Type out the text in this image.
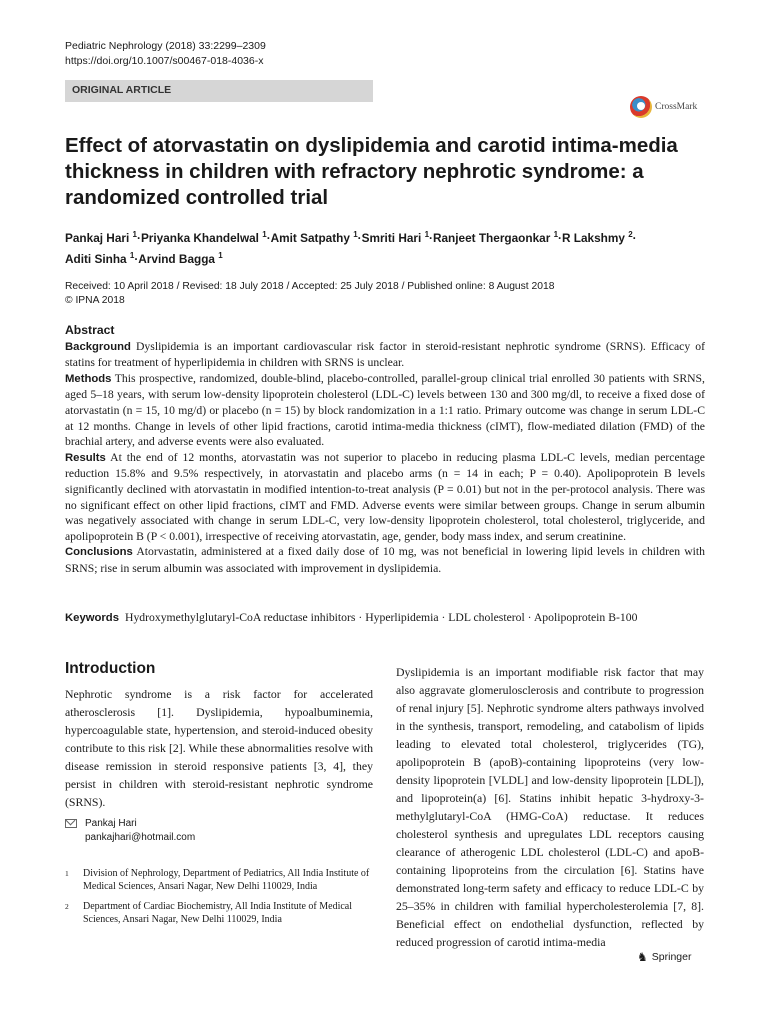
Pediatric Nephrology (2018) 33:2299–2309
https://doi.org/10.1007/s00467-018-4036-x
ORIGINAL ARTICLE
CrossMark
Effect of atorvastatin on dyslipidemia and carotid intima-media thickness in children with refractory nephrotic syndrome: a randomized controlled trial
Pankaj Hari $^1$·Priyanka Khandelwal $^1$·Amit Satpathy $^1$·Smriti Hari $^1$·Ranjeet Thergaonkar $^1$·R Lakshmy $^2$·
Aditi Sinha $^1$·Arvind Bagga $^1$
Received: 10 April 2018 / Revised: 18 July 2018 / Accepted: 25 July 2018 / Published online: 8 August 2018
© IPNA 2018
Abstract

Background Dyslipidemia is an important cardiovascular risk factor in steroid-resistant nephrotic syndrome (SRNS). Efficacy of statins for treatment of hyperlipidemia in children with SRNS is unclear.

Methods This prospective, randomized, double-blind, placebo-controlled, parallel-group clinical trial enrolled 30 patients with SRNS, aged 5–18 years, with serum low-density lipoprotein cholesterol (LDL-C) levels between 130 and 300 mg/dl, to receive a fixed dose of atorvastatin (n = 15, 10 mg/d) or placebo (n = 15) by block randomization in a 1:1 ratio. Primary outcome was change in serum LDL-C at 12 months. Change in levels of other lipid fractions, carotid intima-media thickness (cIMT), flow-mediated dilation (FMD) of the brachial artery, and adverse events were also evaluated.

Results At the end of 12 months, atorvastatin was not superior to placebo in reducing plasma LDL-C levels, median percentage reduction 15.8% and 9.5% respectively, in atorvastatin and placebo arms (n = 14 in each; P = 0.40). Apolipoprotein B levels significantly declined with atorvastatin in modified intention-to-treat analysis (P = 0.01) but not in the per-protocol analysis. There was no significant effect on other lipid fractions, cIMT and FMD. Adverse events were similar between groups. Change in serum albumin was negatively associated with change in serum LDL-C, very low-density lipoprotein cholesterol, total cholesterol, triglyceride, and apolipoprotein B (P < 0.001), irrespective of receiving atorvastatin, age, gender, body mass index, and serum creatinine.

Conclusions Atorvastatin, administered at a fixed daily dose of 10 mg, was not beneficial in lowering lipid levels in children with SRNS; rise in serum albumin was associated with improvement in dyslipidemia.

Keywords Hydroxymethylglutaryl-CoA reductase inhibitors · Hyperlipidemia · LDL cholesterol · Apolipoprotein B-100
Introduction

Nephrotic syndrome is a risk factor for accelerated atherosclerosis [1]. Dyslipidemia, hypoalbuminemia, hypercoagulable state, hypertension, and steroid-induced obesity contribute to this risk [2]. While these abnormalities resolve with disease remission in steroid responsive patients [3, 4], they persist in children with steroid-resistant nephrotic syndrome (SRNS).

Dyslipidemia is an important modifiable risk factor that may also aggravate glomerulosclerosis and contribute to progression of renal injury [5]. Nephrotic syndrome alters pathways involved in the synthesis, transport, remodeling, and catabolism of lipids leading to elevated total cholesterol, triglycerides (TG), apolipoprotein B (apoB)-containing lipoproteins (very low-density lipoprotein [VLDL] and low-density lipoprotein [LDL]), and lipoprotein(a) [6]. Statins inhibit hepatic 3-hydroxy-3-methylglutaryl-CoA (HMG-CoA) reductase. It reduces cholesterol synthesis and upregulates LDL receptors causing clearance of atherogenic LDL cholesterol (LDL-C) and apoB-containing lipoproteins from the circulation [6]. Statins have demonstrated long-term safety and efficacy to reduce LDL-C by 25–35% in children with familial hypercholesterolemia [7, 8]. Beneficial effect on endothelial dysfunction, reflected by reduced progression of carotid intima-media

Pankaj Hari
pankajhari@hotmail.com
1 Division of Nephrology, Department of Pediatrics, All India Institute of Medical Sciences, Ansari Nagar, New Delhi 110029, India
2 Department of Cardiac Biochemistry, All India Institute of Medical Sciences, Ansari Nagar, New Delhi 110029, India
♞ Springer
